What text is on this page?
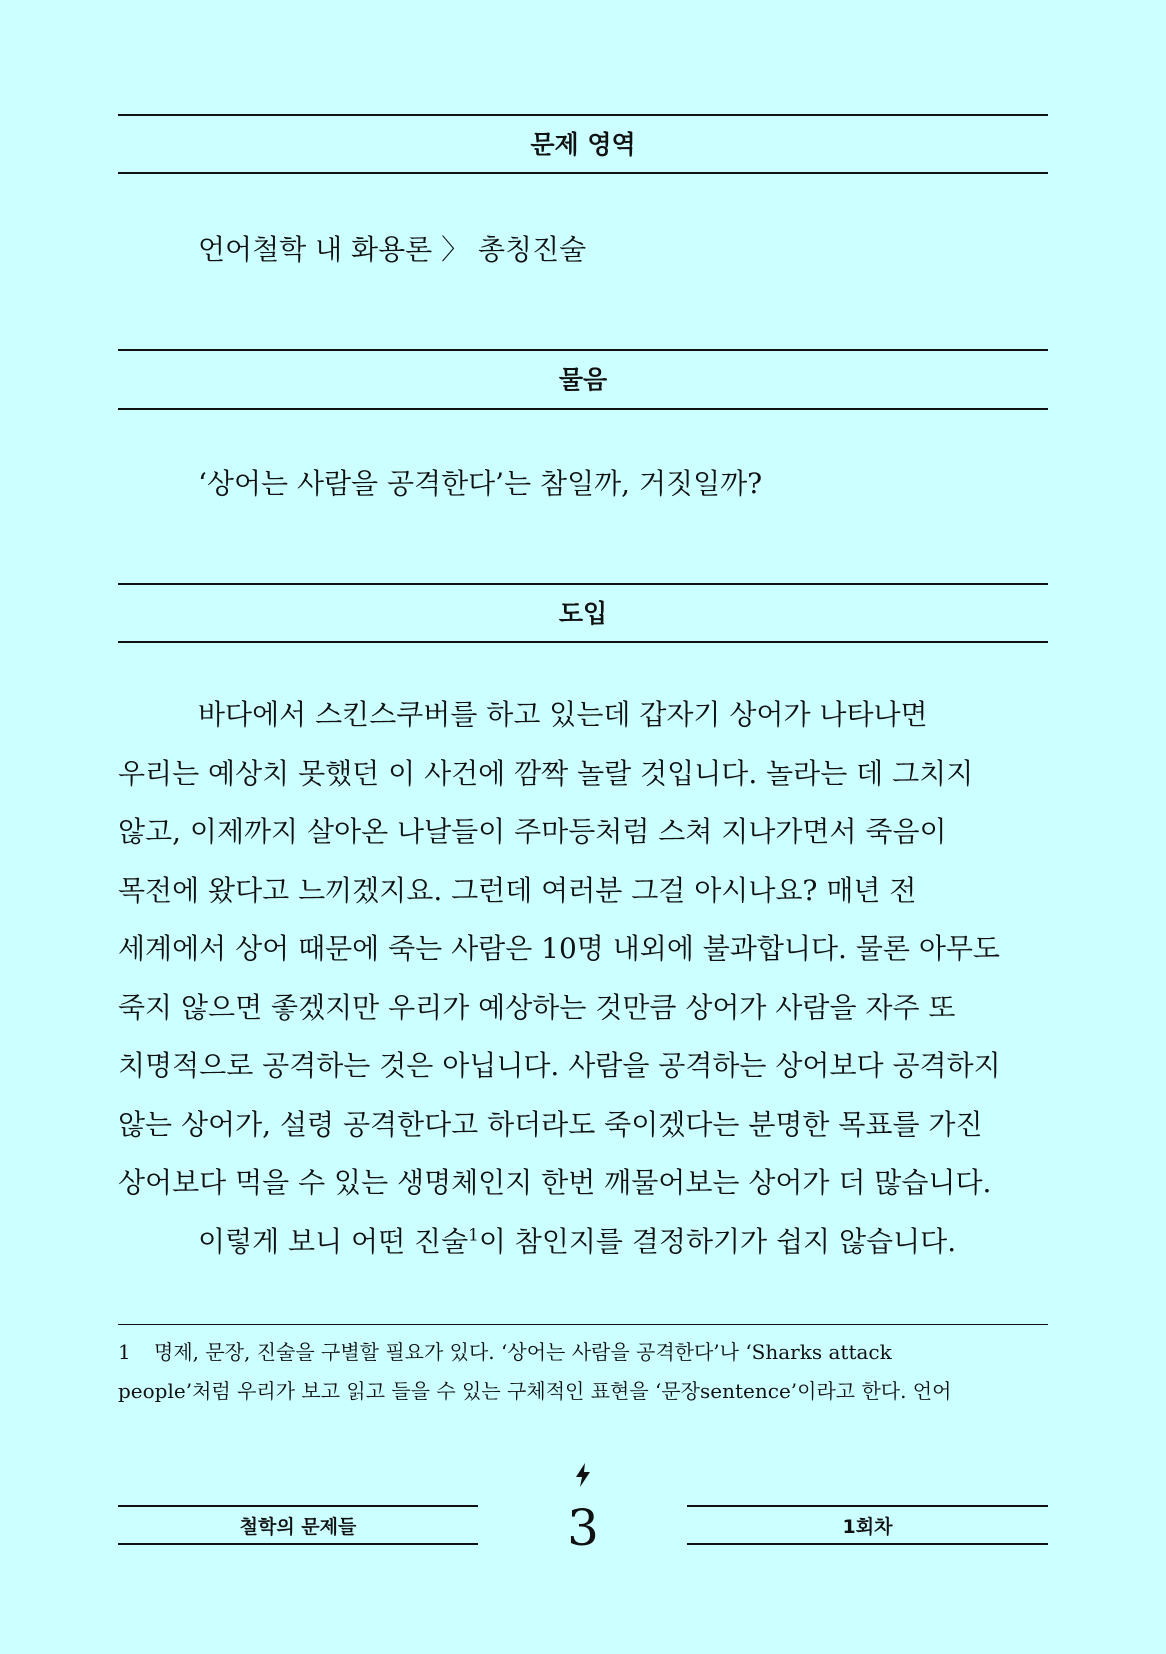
문제 영역
언어철학 내 화용론 〉 총칭진술
물음
‘상어는 사람을 공격한다’는 참일까, 거짓일까?
도입
바다에서 스킨스쿠버를 하고 있는데 갑자기 상어가 나타나면
우리는 예상치 못했던 이 사건에 깜짝 놀랄 것입니다. 놀라는 데 그치지
않고, 이제까지 살아온 나날들이 주마등처럼 스쳐 지나가면서 죽음이
목전에 왔다고 느끼겠지요. 그런데 여러분 그걸 아시나요? 매년 전
세계에서 상어 때문에 죽는 사람은 10명 내외에 불과합니다. 물론 아무도
죽지 않으면 좋겠지만 우리가 예상하는 것만큼 상어가 사람을 자주 또
치명적으로 공격하는 것은 아닙니다. 사람을 공격하는 상어보다 공격하지
않는 상어가, 설령 공격한다고 하더라도 죽이겠다는 분명한 목표를 가진
상어보다 먹을 수 있는 생명체인지 한번 깨물어보는 상어가 더 많습니다.
이렇게 보니 어떤 진술$^1$이 참인지를 결정하기가 쉽지 않습니다.
1 명제, 문장, 진술을 구별할 필요가 있다. ‘상어는 사람을 공격한다’나 ‘Sharks attack
people’처럼 우리가 보고 읽고 들을 수 있는 구체적인 표현을 ‘문장sentence’이라고 한다. 언어
철학의 문제들	3	1회차
